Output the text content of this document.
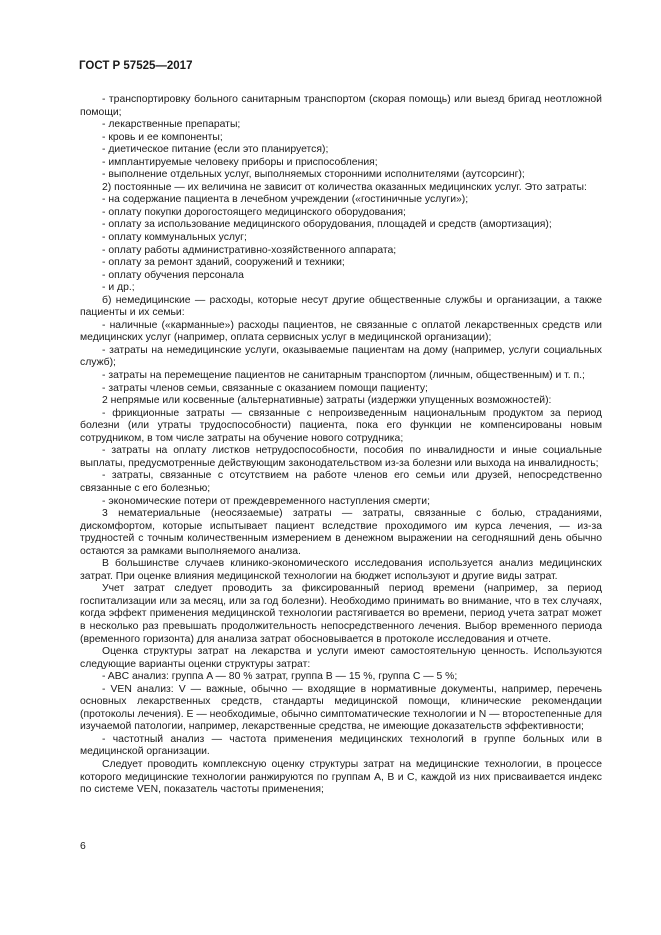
ГОСТ Р 57525—2017

- транспортировку больного санитарным транспортом (скорая помощь) или выезд бригад неотложной помощи;

- лекарственные препараты;

- кровь и ее компоненты;

- диетическое питание (если это планируется);

- имплантируемые человеку приборы и приспособления;

- выполнение отдельных услуг, выполняемых сторонними исполнителями (аутсорсинг);

2) постоянные — их величина не зависит от количества оказанных медицинских услуг. Это затраты:

- на содержание пациента в лечебном учреждении («гостиничные услуги»);

- оплату покупки дорогостоящего медицинского оборудования;

- оплату за использование медицинского оборудования, площадей и средств (амортизация);

- оплату коммунальных услуг;

- оплату работы административно-хозяйственного аппарата;

- оплату за ремонт зданий, сооружений и техники;

- оплату обучения персонала

- и др.;

б) немедицинские — расходы, которые несут другие общественные службы и организации, а также пациенты и их семьи:

- наличные («карманные») расходы пациентов, не связанные с оплатой лекарственных средств или медицинских услуг (например, оплата сервисных услуг в медицинской организации);

- затраты на немедицинские услуги, оказываемые пациентам на дому (например, услуги социальных служб);

- затраты на перемещение пациентов не санитарным транспортом (личным, общественным) и т. п.;

- затраты членов семьи, связанные с оказанием помощи пациенту;

2 непрямые или косвенные (альтернативные) затраты (издержки упущенных возможностей):

- фрикционные затраты — связанные с непроизведенным национальным продуктом за период болезни (или утраты трудоспособности) пациента, пока его функции не компенсированы новым сотрудником, в том числе затраты на обучение нового сотрудника;

- затраты на оплату листков нетрудоспособности, пособия по инвалидности и иные социальные выплаты, предусмотренные действующим законодательством из-за болезни или выхода на инвалидность;

- затраты, связанные с отсутствием на работе членов его семьи или друзей, непосредственно связанные с его болезнью;

- экономические потери от преждевременного наступления смерти;

3 нематериальные (неосязаемые) затраты — затраты, связанные с болью, страданиями, дискомфортом, которые испытывает пациент вследствие проходимого им курса лечения, — из-за трудностей с точным количественным измерением в денежном выражении на сегодняшний день обычно остаются за рамками выполняемого анализа.

В большинстве случаев клинико-экономического исследования используется анализ медицинских затрат. При оценке влияния медицинской технологии на бюджет используют и другие виды затрат.

Учет затрат следует проводить за фиксированный период времени (например, за период госпитализации или за месяц, или за год болезни). Необходимо принимать во внимание, что в тех случаях, когда эффект применения медицинской технологии растягивается во времени, период учета затрат может в несколько раз превышать продолжительность непосредственного лечения. Выбор временного периода (временного горизонта) для анализа затрат обосновывается в протоколе исследования и отчете.

Оценка структуры затрат на лекарства и услуги имеют самостоятельную ценность. Используются следующие варианты оценки структуры затрат:

- ABC анализ: группа A — 80 % затрат, группа B — 15 %, группа C — 5 %;

- VEN анализ: V — важные, обычно — входящие в нормативные документы, например, перечень основных лекарственных средств, стандарты медицинской помощи, клинические рекомендации (протоколы лечения). E — необходимые, обычно симптоматические технологии и N — второстепенные для изучаемой патологии, например, лекарственные средства, не имеющие доказательств эффективности;

- частотный анализ — частота применения медицинских технологий в группе больных или в медицинской организации.

Следует проводить комплексную оценку структуры затрат на медицинские технологии, в процессе которого медицинские технологии ранжируются по группам A, B и C, каждой из них присваивается индекс по системе VEN, показатель частоты применения;

6
